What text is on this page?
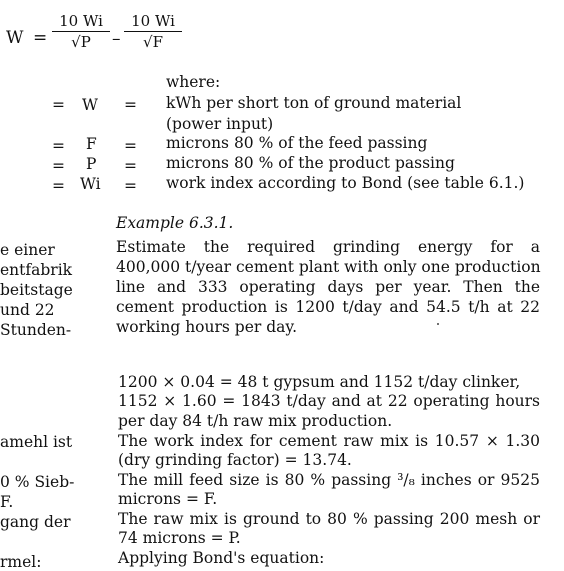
$W = \frac{10 Wi}{√P} - \frac{10 Wi}{√F}$
where:
= W = kWh per short ton of ground material
(power input)
= F = microns 80 % of the feed passing
= P = microns 80 % of the product passing
= Wi = work index according to Bond (see table 6.1.)
e einer
entfabrik
beitstage
und 22
Stunden-
amehl ist
0 % Sieb-
F.
gang der
rmel:
Example 6.3.1.
Estimate the required grinding energy for a
400,000 t/year cement plant with only one production
line and 333 operating days per year. Then the
cement production is 1200 t/day and 54.5 t/h at 22
working hours per day.
1200 × 0.04 = 48 t gypsum and 1152 t/day clinker,
1152 × 1.60 = 1843 t/day and at 22 operating hours
per day 84 t/h raw mix production.
The work index for cement raw mix is 10.57 × 1.30
(dry grinding factor) = 13.74.
The mill feed size is 80 % passing ³/₈ inches or 9525
microns = F.
The raw mix is ground to 80 % passing 200 mesh or
74 microns = P.
Applying Bond's equation:
